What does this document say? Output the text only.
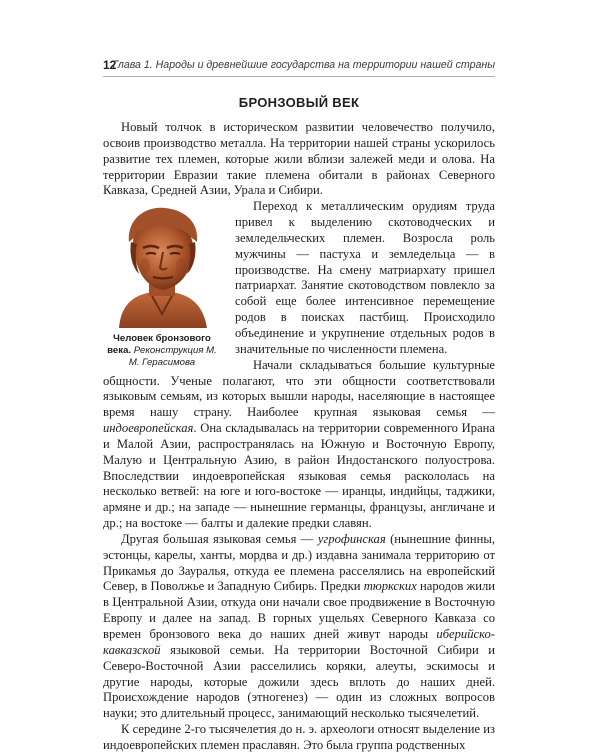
12
Глава 1. Народы и древнейшие государства на территории нашей страны
БРОНЗОВЫЙ ВЕК

Новый толчок в историческом развитии человечество получило, освоив производство металла. На территории нашей страны ускорилось развитие тех племен, которые жили вблизи залежей меди и олова. На территории Евразии такие племена обитали в районах Северного Кавказа, Средней Азии, Урала и Сибири.

Человек бронзового века. Реконструкция М. М. Герасимова

Переход к металлическим орудиям труда привел к выделению скотоводческих и земледельческих племен. Возросла роль мужчины — пастуха и земледельца — в производстве. На смену матриархату пришел патриархат. Занятие скотоводством повлекло за собой еще более интенсивное перемещение родов в поисках пастбищ. Происходило объединение и укрупнение отдельных родов в значительные по численности племена.

Начали складываться большие культурные общности. Ученые полагают, что эти общности соответствовали языковым семьям, из которых вышли народы, населяющие в настоящее время нашу страну. Наиболее крупная языковая семья — индоевропейская. Она складывалась на территории современного Ирана и Малой Азии, распространялась на Южную и Восточную Европу, Малую и Центральную Азию, в район Индостанского полуострова. Впоследствии индоевропейская языковая семья раскололась на несколько ветвей: на юге и юго-востоке — иранцы, индийцы, таджики, армяне и др.; на западе — нынешние германцы, французы, англичане и др.; на востоке — балты и далекие предки славян.

Другая большая языковая семья — угрофинская (нынешние финны, эстонцы, карелы, ханты, мордва и др.) издавна занимала территорию от Прикамья до Зауралья, откуда ее племена расселялись на европейский Север, в Поволжье и Западную Сибирь. Предки тюркских народов жили в Центральной Азии, откуда они начали свое продвижение в Восточную Европу и далее на запад. В горных ущельях Северного Кавказа со времен бронзового века до наших дней живут народы иберийско-кавказской языковой семьи. На территории Восточной Сибири и Северо-Восточной Азии расселились коряки, алеуты, эскимосы и другие народы, которые дожили здесь вплоть до наших дней. Происхождение народов (этногенез) — один из сложных вопросов науки; это длительный процесс, занимающий несколько тысячелетий.

К середине 2-го тысячелетия до н. э. археологи относят выделение из индоевропейских племен праславян. Это была группа родственных
